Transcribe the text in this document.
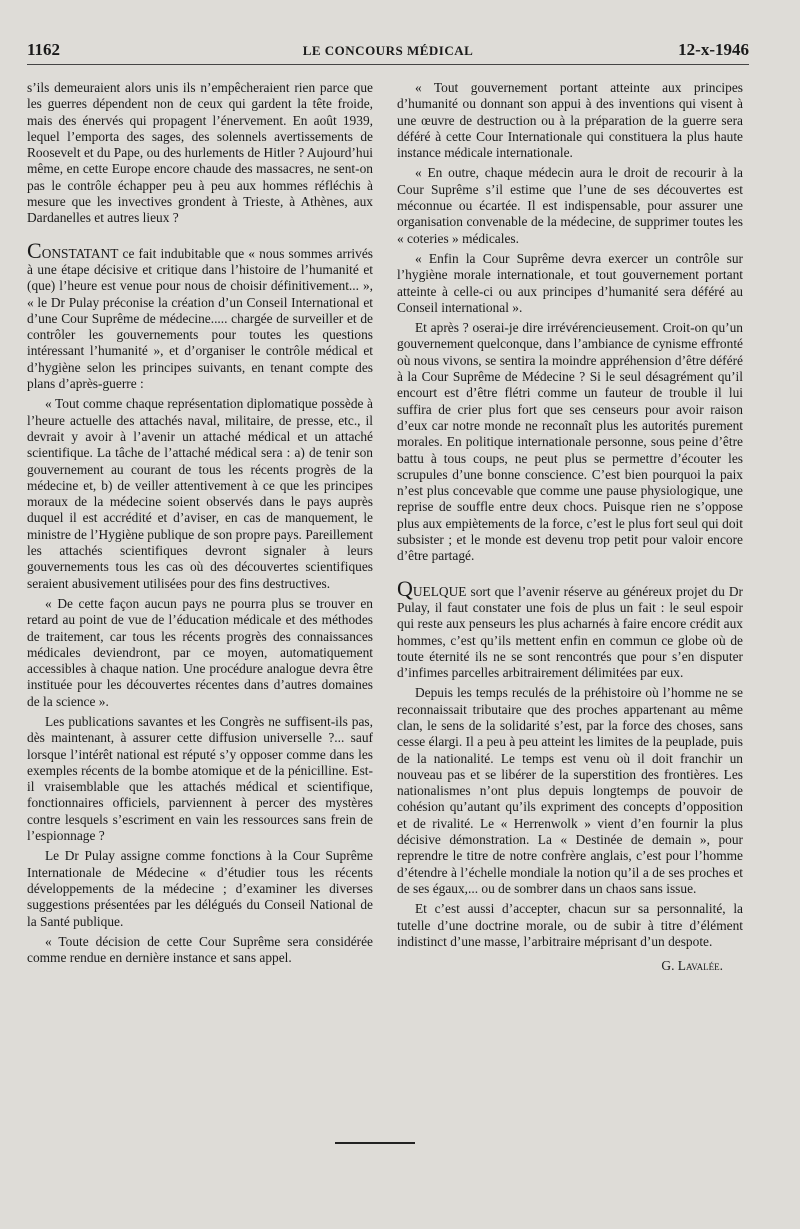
1162	LE CONCOURS MÉDICAL	12-x-1946

s’ils demeuraient alors unis ils n’empêcheraient rien parce que les guerres dépendent non de ceux qui gardent la tête froide, mais des énervés qui propagent l’énervement. En août 1939, lequel l’emporta des sages, des solennels avertissements de Roosevelt et du Pape, ou des hurlements de Hitler ? Aujourd’hui même, en cette Europe encore chaude des massacres, ne sent-on pas le contrôle échapper peu à peu aux hommes réfléchis à mesure que les invectives grondent à Trieste, à Athènes, aux Dardanelles et autres lieux ?

CONSTATANT ce fait indubitable que « nous sommes arrivés à une étape décisive et critique dans l’histoire de l’humanité et (que) l’heure est venue pour nous de choisir définitivement... », « le Dr Pulay préconise la création d’un Conseil International et d’une Cour Suprême de médecine..... chargée de surveiller et de contrôler les gouvernements pour toutes les questions intéressant l’humanité », et d’organiser le contrôle médical et d’hygiène selon les principes suivants, en tenant compte des plans d’après-guerre :

« Tout comme chaque représentation diplomatique possède à l’heure actuelle des attachés naval, militaire, de presse, etc., il devrait y avoir à l’avenir un attaché médical et un attaché scientifique. La tâche de l’attaché médical sera : a) de tenir son gouvernement au courant de tous les récents progrès de la médecine et, b) de veiller attentivement à ce que les principes moraux de la médecine soient observés dans le pays auprès duquel il est accrédité et d’aviser, en cas de manquement, le ministre de l’Hygiène publique de son propre pays. Pareillement les attachés scientifiques devront signaler à leurs gouvernements tous les cas où des découvertes scientifiques seraient abusivement utilisées pour des fins destructives.

« De cette façon aucun pays ne pourra plus se trouver en retard au point de vue de l’éducation médicale et des méthodes de traitement, car tous les récents progrès des connaissances médicales deviendront, par ce moyen, automatiquement accessibles à chaque nation. Une procédure analogue devra être instituée pour les découvertes récentes dans d’autres domaines de la science ».

Les publications savantes et les Congrès ne suffisent-ils pas, dès maintenant, à assurer cette diffusion universelle ?... sauf lorsque l’intérêt national est réputé s’y opposer comme dans les exemples récents de la bombe atomique et de la pénicilline. Est-il vraisemblable que les attachés médical et scientifique, fonctionnaires officiels, parviennent à percer des mystères contre lesquels s’escriment en vain les ressources sans frein de l’espionnage ?

Le Dr Pulay assigne comme fonctions à la Cour Suprême Internationale de Médecine « d’étudier tous les récents développements de la médecine ; d’examiner les diverses suggestions présentées par les délégués du Conseil National de la Santé publique.

« Toute décision de cette Cour Suprême sera considérée comme rendue en dernière instance et sans appel.

« Tout gouvernement portant atteinte aux principes d’humanité ou donnant son appui à des inventions qui visent à une œuvre de destruction ou à la préparation de la guerre sera déféré à cette Cour Internationale qui constituera la plus haute instance médicale internationale.

« En outre, chaque médecin aura le droit de recourir à la Cour Suprême s’il estime que l’une de ses découvertes est méconnue ou écartée. Il est indispensable, pour assurer une organisation convenable de la médecine, de supprimer toutes les « coteries » médicales.

« Enfin la Cour Suprême devra exercer un contrôle sur l’hygiène morale internationale, et tout gouvernement portant atteinte à celle-ci ou aux principes d’humanité sera déféré au Conseil international ».

Et après ? oserai-je dire irrévérencieusement. Croit-on qu’un gouvernement quelconque, dans l’ambiance de cynisme effronté où nous vivons, se sentira la moindre appréhension d’être déféré à la Cour Suprême de Médecine ? Si le seul désagrément qu’il encourt est d’être flétri comme un fauteur de trouble il lui suffira de crier plus fort que ses censeurs pour avoir raison d’eux car notre monde ne reconnaît plus les autorités purement morales. En politique internationale personne, sous peine d’être battu à tous coups, ne peut plus se permettre d’écouter les scrupules d’une bonne conscience. C’est bien pourquoi la paix n’est plus concevable que comme une pause physiologique, une reprise de souffle entre deux chocs. Puisque rien ne s’oppose plus aux empiètements de la force, c’est le plus fort seul qui doit subsister ; et le monde est devenu trop petit pour valoir encore d’être partagé.

QUELQUE sort que l’avenir réserve au généreux projet du Dr Pulay, il faut constater une fois de plus un fait : le seul espoir qui reste aux penseurs les plus acharnés à faire encore crédit aux hommes, c’est qu’ils mettent enfin en commun ce globe où de toute éternité ils ne se sont rencontrés que pour s’en disputer d’infimes parcelles arbitrairement délimitées par eux.

Depuis les temps reculés de la préhistoire où l’homme ne se reconnaissait tributaire que des proches appartenant au même clan, le sens de la solidarité s’est, par la force des choses, sans cesse élargi. Il a peu à peu atteint les limites de la peuplade, puis de la nationalité. Le temps est venu où il doit franchir un nouveau pas et se libérer de la superstition des frontières. Les nationalismes n’ont plus depuis longtemps de pouvoir de cohésion qu’autant qu’ils expriment des concepts d’opposition et de rivalité. Le « Herrenwolk » vient d’en fournir la plus décisive démonstration. La « Destinée de demain », pour reprendre le titre de notre confrère anglais, c’est pour l’homme d’étendre à l’échelle mondiale la notion qu’il a de ses proches et de ses égaux,... ou de sombrer dans un chaos sans issue.

Et c’est aussi d’accepter, chacun sur sa personnalité, la tutelle d’une doctrine morale, ou de subir à titre d’élément indistinct d’une masse, l’arbitraire méprisant d’un despote.

G. Lavalée.
